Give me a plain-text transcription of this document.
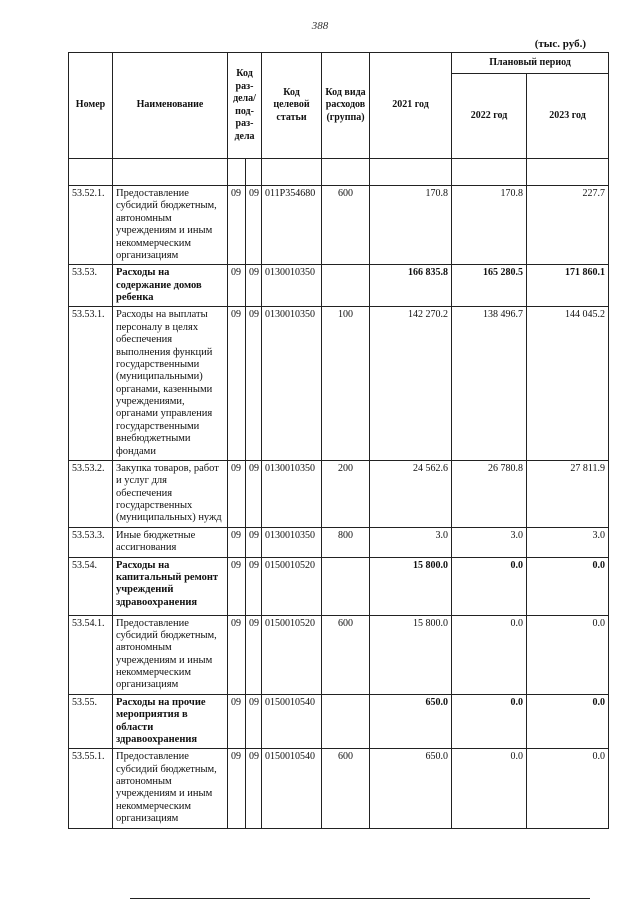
388
(тыс. руб.)
Номер	Наименование	Код раз-дела/ под-раз-дела		Код целевой статьи	Код вида расходов (группа)	2021 год	Плановый период	
							2022 год	2023 год

53.52.1.	Предоставление субсидий бюджетным, автономным учреждениям и иным некоммерческим организациям	09	09	011Р354680	600	170.8	170.8	227.7
53.53.	Расходы на содержание домов ребенка	09	09	0130010350		166 835.8	165 280.5	171 860.1
53.53.1.	Расходы на выплаты персоналу в целях обеспечения выполнения функций государственными (муниципальными) органами, казенными учреждениями, органами управления государственными внебюджетными фондами	09	09	0130010350	100	142 270.2	138 496.7	144 045.2
53.53.2.	Закупка товаров, работ и услуг для обеспечения государственных (муниципальных) нужд	09	09	0130010350	200	24 562.6	26 780.8	27 811.9
53.53.3.	Иные бюджетные ассигнования	09	09	0130010350	800	3.0	3.0	3.0
53.54.	Расходы на капитальный ремонт учреждений здравоохранения	09	09	0150010520		15 800.0	0.0	0.0
53.54.1.	Предоставление субсидий бюджетным, автономным учреждениям и иным некоммерческим организациям	09	09	0150010520	600	15 800.0	0.0	0.0
53.55.	Расходы на прочие мероприятия в области здравоохранения	09	09	0150010540		650.0	0.0	0.0
53.55.1.	Предоставление субсидий бюджетным, автономным учреждениям и иным некоммерческим организациям	09	09	0150010540	600	650.0	0.0	0.0
